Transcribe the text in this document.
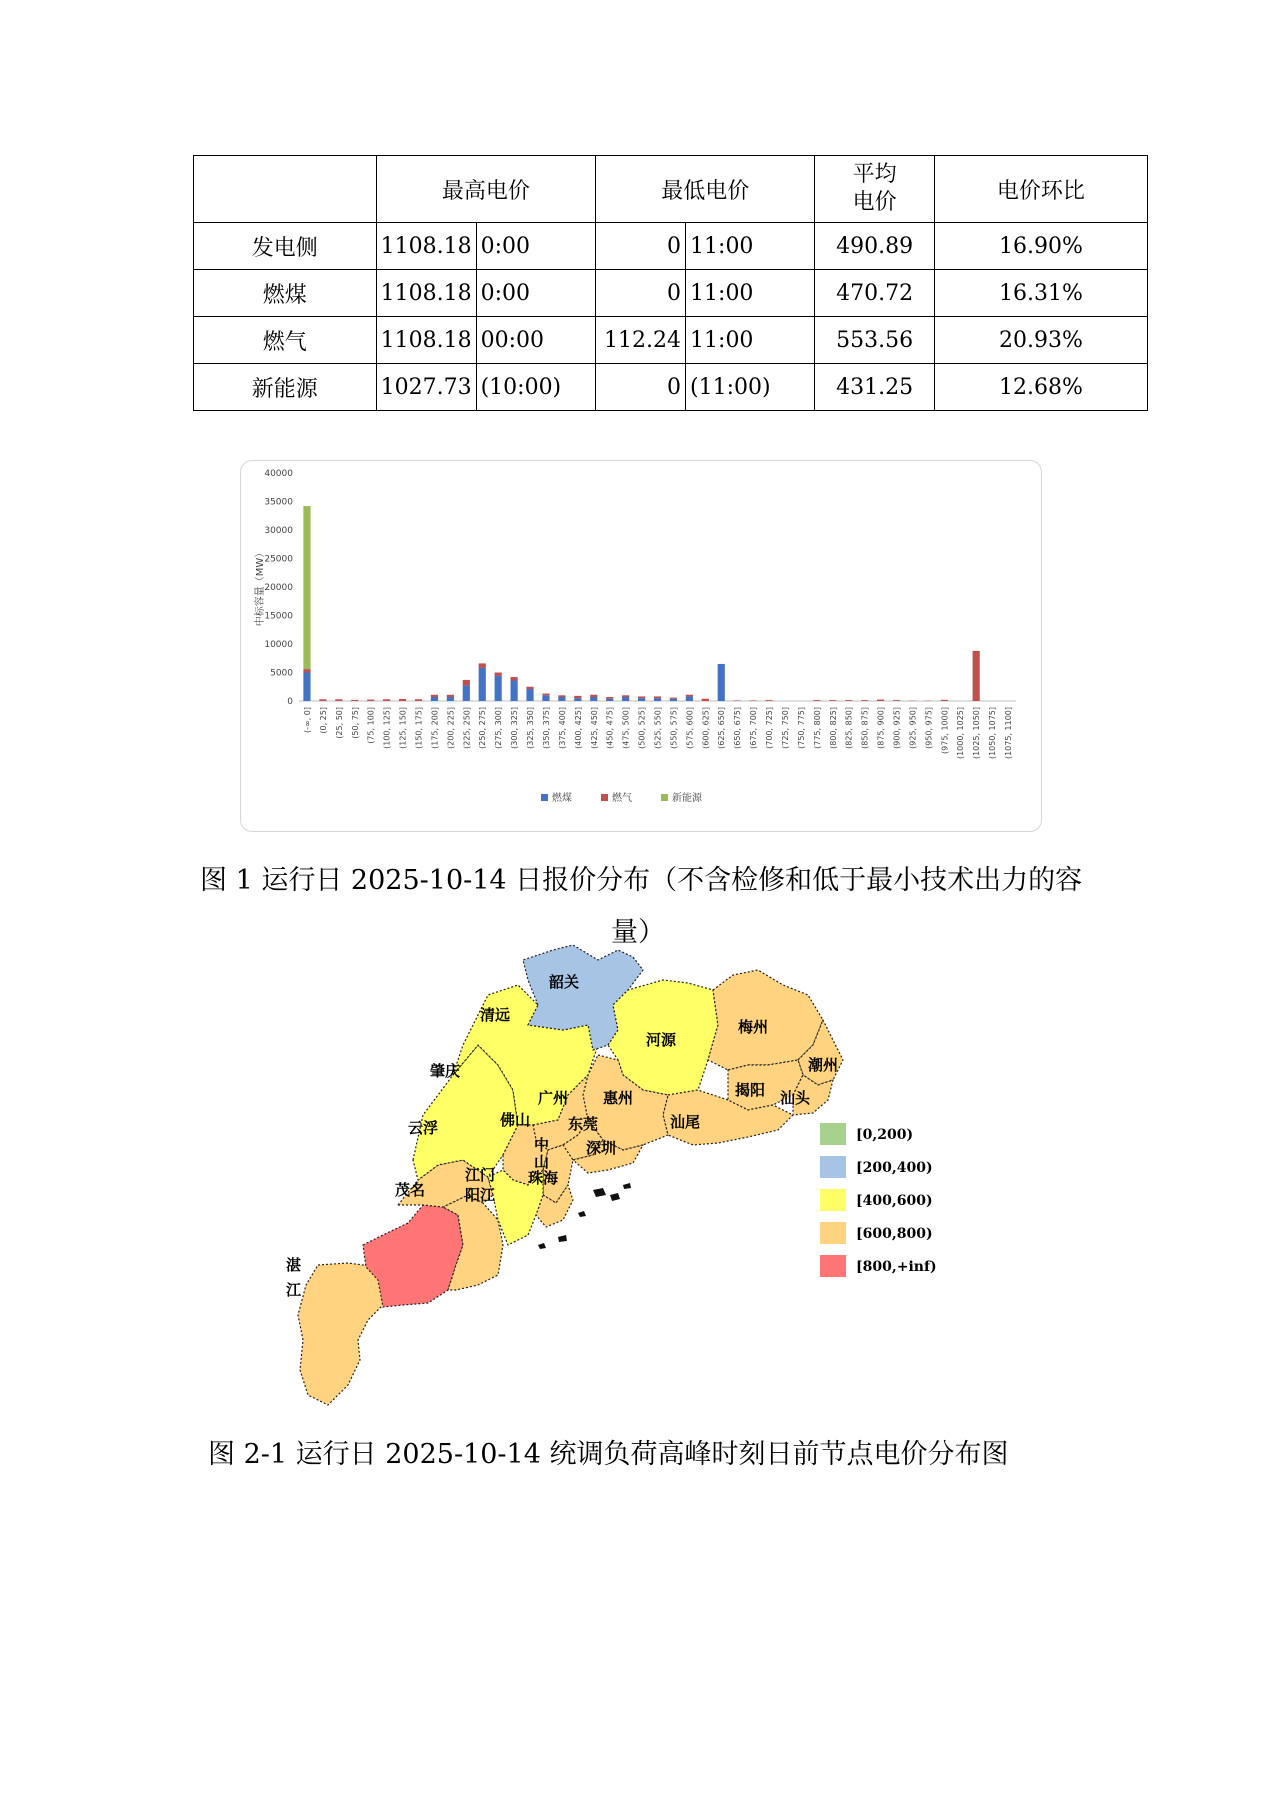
	最高电价		最低电价		平均
电价	电价环比
发电侧	1108.18	0:00	0	11:00	490.89	16.90%
燃煤	1108.18	0:00	0	11:00	470.72	16.31%
燃气	1108.18	00:00	112.24	11:00	553.56	20.93%
新能源	1027.73	(10:00)	0	(11:00)	431.25	12.68%
0
5000
10000
15000
20000
25000
30000
35000
40000
中标容量（MW）
(-∞, 0] (0, 25] (25, 50] (50, 75] (75, 100] (100, 125] (125, 150] (150, 175] (175, 200] (200, 225] (225, 250] (250, 275] (275, 300] (300, 325] (325, 350] (350, 375] (375, 400] (400, 425] (425, 450] (450, 475] (475, 500] (500, 525] (525, 550] (550, 575] (575, 600] (600, 625] (625, 650] (650, 675] (675, 700] (700, 725] (725, 750] (750, 775] (775, 800] (800, 825] (825, 850] (850, 875] (875, 900] (900, 925] (925, 950] (950, 975] (975, 1000] (1000, 1025] (1025, 1050] (1050, 1075] (1075, 1100]
燃煤	燃气	新能源
图 1 运行日 2025-10-14 日报价分布（不含检修和低于最小技术出力的容
量）
韶关
清远
河源
梅州
潮州
肇庆
广州 惠州	揭阳 汕头
云浮	佛山	东莞	汕尾
深圳
中
山
珠海
江门
茂名	阳江
湛
江
[0,200)
[200,400)
[400,600)
[600,800)
[800,+inf)
图 2-1 运行日 2025-10-14 统调负荷高峰时刻日前节点电价分布图
